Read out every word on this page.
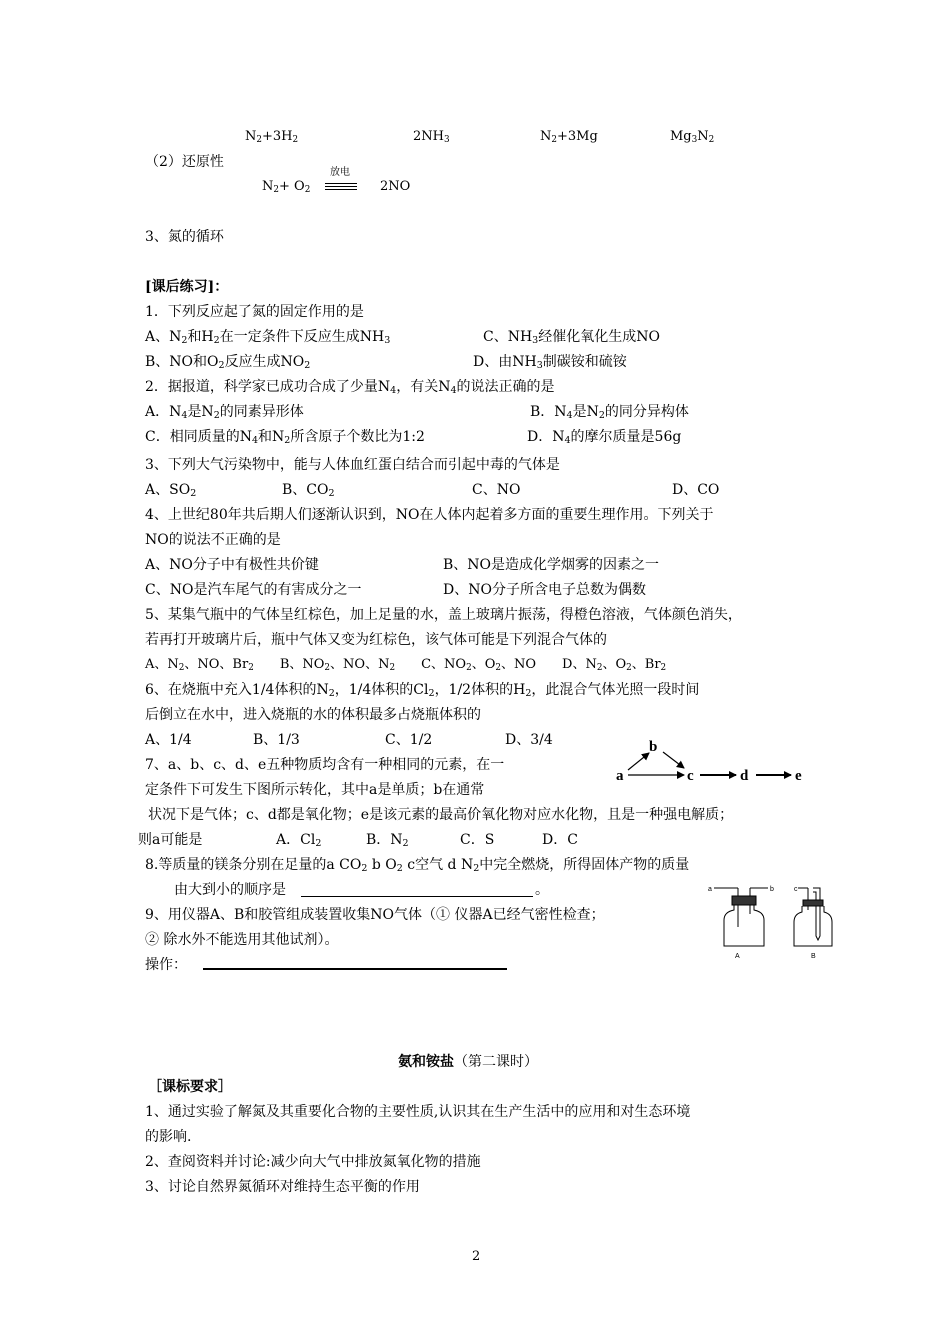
$N_2+3H_2$	$2NH_3$	$N_2+3Mg$	$Mg_3N_2$
（2）还原性
$N_2+ O_2$
放电
2NO
3、氮的循环
[课后练习]：
1．下列反应起了氮的固定作用的是
A、$N_2$和$H_2$在一定条件下反应生成$NH_3$	C、$NH_3$经催化氧化生成NO
B、NO和$O_2$反应生成$NO_2$	D、由$NH_3$制碳铵和硫铵
2．据报道，科学家已成功合成了少量$N_4$，有关$N_4$的说法正确的是
A．$N_4$是$N_2$的同素异形体	B．$N_4$是$N_2$的同分异构体
C．相同质量的$N_4$和$N_2$所含原子个数比为1:2	D．$N_4$的摩尔质量是56g
3、下列大气污染物中，能与人体血红蛋白结合而引起中毒的气体是
A、$SO_2$	B、$CO_2$	C、NO	D、CO
4、上世纪80年共后期人们逐渐认识到，NO在人体内起着多方面的重要生理作用。下列关于
NO的说法不正确的是
A、NO分子中有极性共价键	B、NO是造成化学烟雾的因素之一
C、NO是汽车尾气的有害成分之一	D、NO分子所含电子总数为偶数
5、某集气瓶中的气体呈红棕色，加上足量的水，盖上玻璃片振荡，得橙色溶液，气体颜色消失，
若再打开玻璃片后，瓶中气体又变为红棕色，该气体可能是下列混合气体的
A、$N_2$、NO、$Br_2$　　B、$NO_2$、NO、$N_2$　　C、$NO_2$、$O_2$、NO　　D、$N_2$、$O_2$、$Br_2$
6、在烧瓶中充入1/4体积的$N_2$，1/4体积的$Cl_2$，1/2体积的$H_2$，此混合气体光照一段时间
后倒立在水中，进入烧瓶的水的体积最多占烧瓶体积的
A、1/4	B、1/3	C、1/2	D、3/4
7、a、b、c、d、e五种物质均含有一种相同的元素，在一
定条件下可发生下图所示转化，其中a是单质；b在通常
状况下是气体；c、d都是氧化物；e是该元素的最高价氧化物对应水化物，且是一种强电解质；
则a可能是	A．$Cl_2$	B．$N_2$	C．S	D．C
a
b
c	d	e
8.等质量的镁条分别在足量的a $CO_2$ b $O_2$ c空气 d $N_2$中完全燃烧，所得固体产物的质量
由大到小的顺序是	。
9、用仪器A、B和胶管组成装置收集NO气体（① 仪器A已经气密性检查；
② 除水外不能选用其他试剂）。
操作：
a	b
A
c
B
氨和铵盐（第二课时）
［课标要求］
1、通过实验了解氮及其重要化合物的主要性质,认识其在生产生活中的应用和对生态环境
的影响.
2、查阅资料并讨论:减少向大气中排放氮氧化物的措施
3、讨论自然界氮循环对维持生态平衡的作用
2
